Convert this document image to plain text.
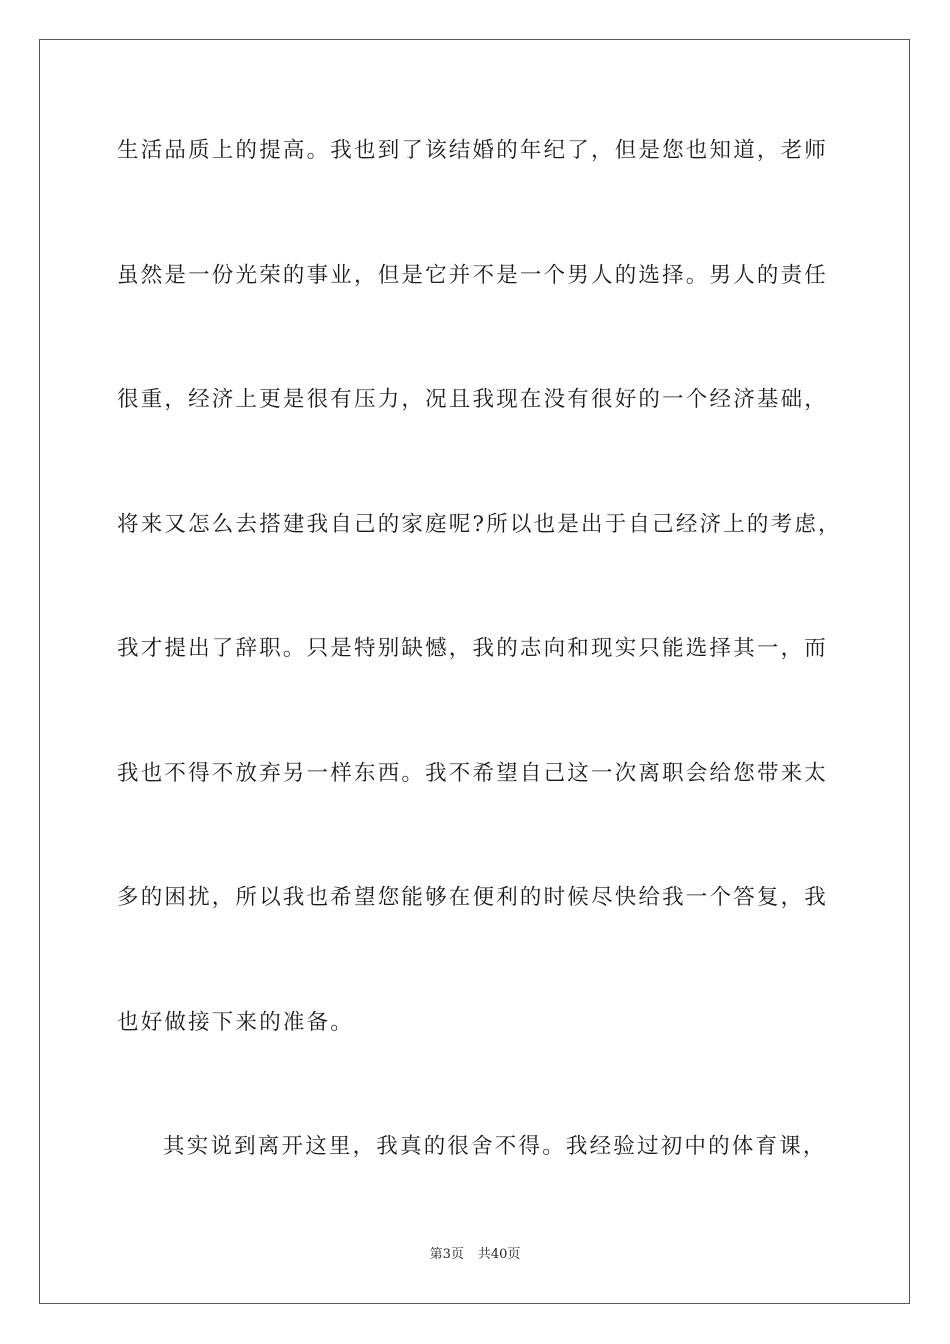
生活品质上的提高。我也到了该结婚的年纪了，但是您也知道，老师
虽然是一份光荣的事业，但是它并不是一个男人的选择。男人的责任
很重，经济上更是很有压力，况且我现在没有很好的一个经济基础，
将来又怎么去搭建我自己的家庭呢?所以也是出于自己经济上的考虑，
我才提出了辞职。只是特别缺憾，我的志向和现实只能选择其一，而
我也不得不放弃另一样东西。我不希望自己这一次离职会给您带来太
多的困扰，所以我也希望您能够在便利的时候尽快给我一个答复，我
也好做接下来的准备。
其实说到离开这里，我真的很舍不得。我经验过初中的体育课，
第3页 共40页
